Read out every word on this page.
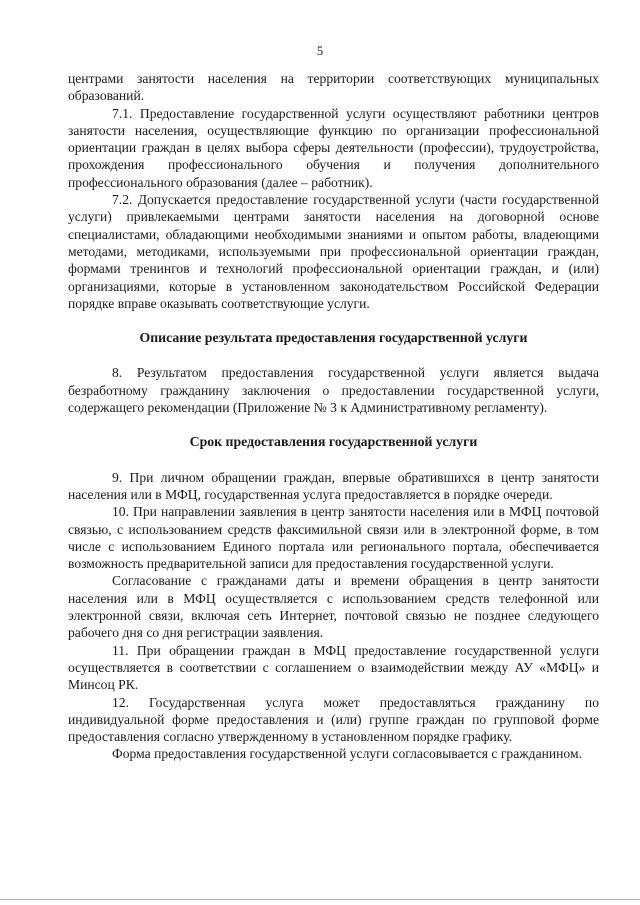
5

центрами занятости населения на территории соответствующих муниципальных образований.

7.1. Предоставление государственной услуги осуществляют работники центров занятости населения, осуществляющие функцию по организации профессиональной ориентации граждан в целях выбора сферы деятельности (профессии), трудоустройства, прохождения профессионального обучения и получения дополнительного профессионального образования (далее – работник).

7.2. Допускается предоставление государственной услуги (части государственной услуги) привлекаемыми центрами занятости населения на договорной основе специалистами, обладающими необходимыми знаниями и опытом работы, владеющими методами, методиками, используемыми при профессиональной ориентации граждан, формами тренингов и технологий профессиональной ориентации граждан, и (или) организациями, которые в установленном законодательством Российской Федерации порядке вправе оказывать соответствующие услуги.

Описание результата предоставления государственной услуги

8. Результатом предоставления государственной услуги является выдача безработному гражданину заключения о предоставлении государственной услуги, содержащего рекомендации (Приложение № 3 к Административному регламенту).

Срок предоставления государственной услуги

9. При личном обращении граждан, впервые обратившихся в центр занятости населения или в МФЦ, государственная услуга предоставляется в порядке очереди.

10. При направлении заявления в центр занятости населения или в МФЦ почтовой связью, с использованием средств факсимильной связи или в электронной форме, в том числе с использованием Единого портала или регионального портала, обеспечивается возможность предварительной записи для предоставления государственной услуги.

Согласование с гражданами даты и времени обращения в центр занятости населения или в МФЦ осуществляется с использованием средств телефонной или электронной связи, включая сеть Интернет, почтовой связью не позднее следующего рабочего дня со дня регистрации заявления.

11. При обращении граждан в МФЦ предоставление государственной услуги осуществляется в соответствии с соглашением о взаимодействии между АУ «МФЦ» и Минсоц РК.

12. Государственная услуга может предоставляться гражданину по индивидуальной форме предоставления и (или) группе граждан по групповой форме предоставления согласно утвержденному в установленном порядке графику.

Форма предоставления государственной услуги согласовывается с гражданином.
